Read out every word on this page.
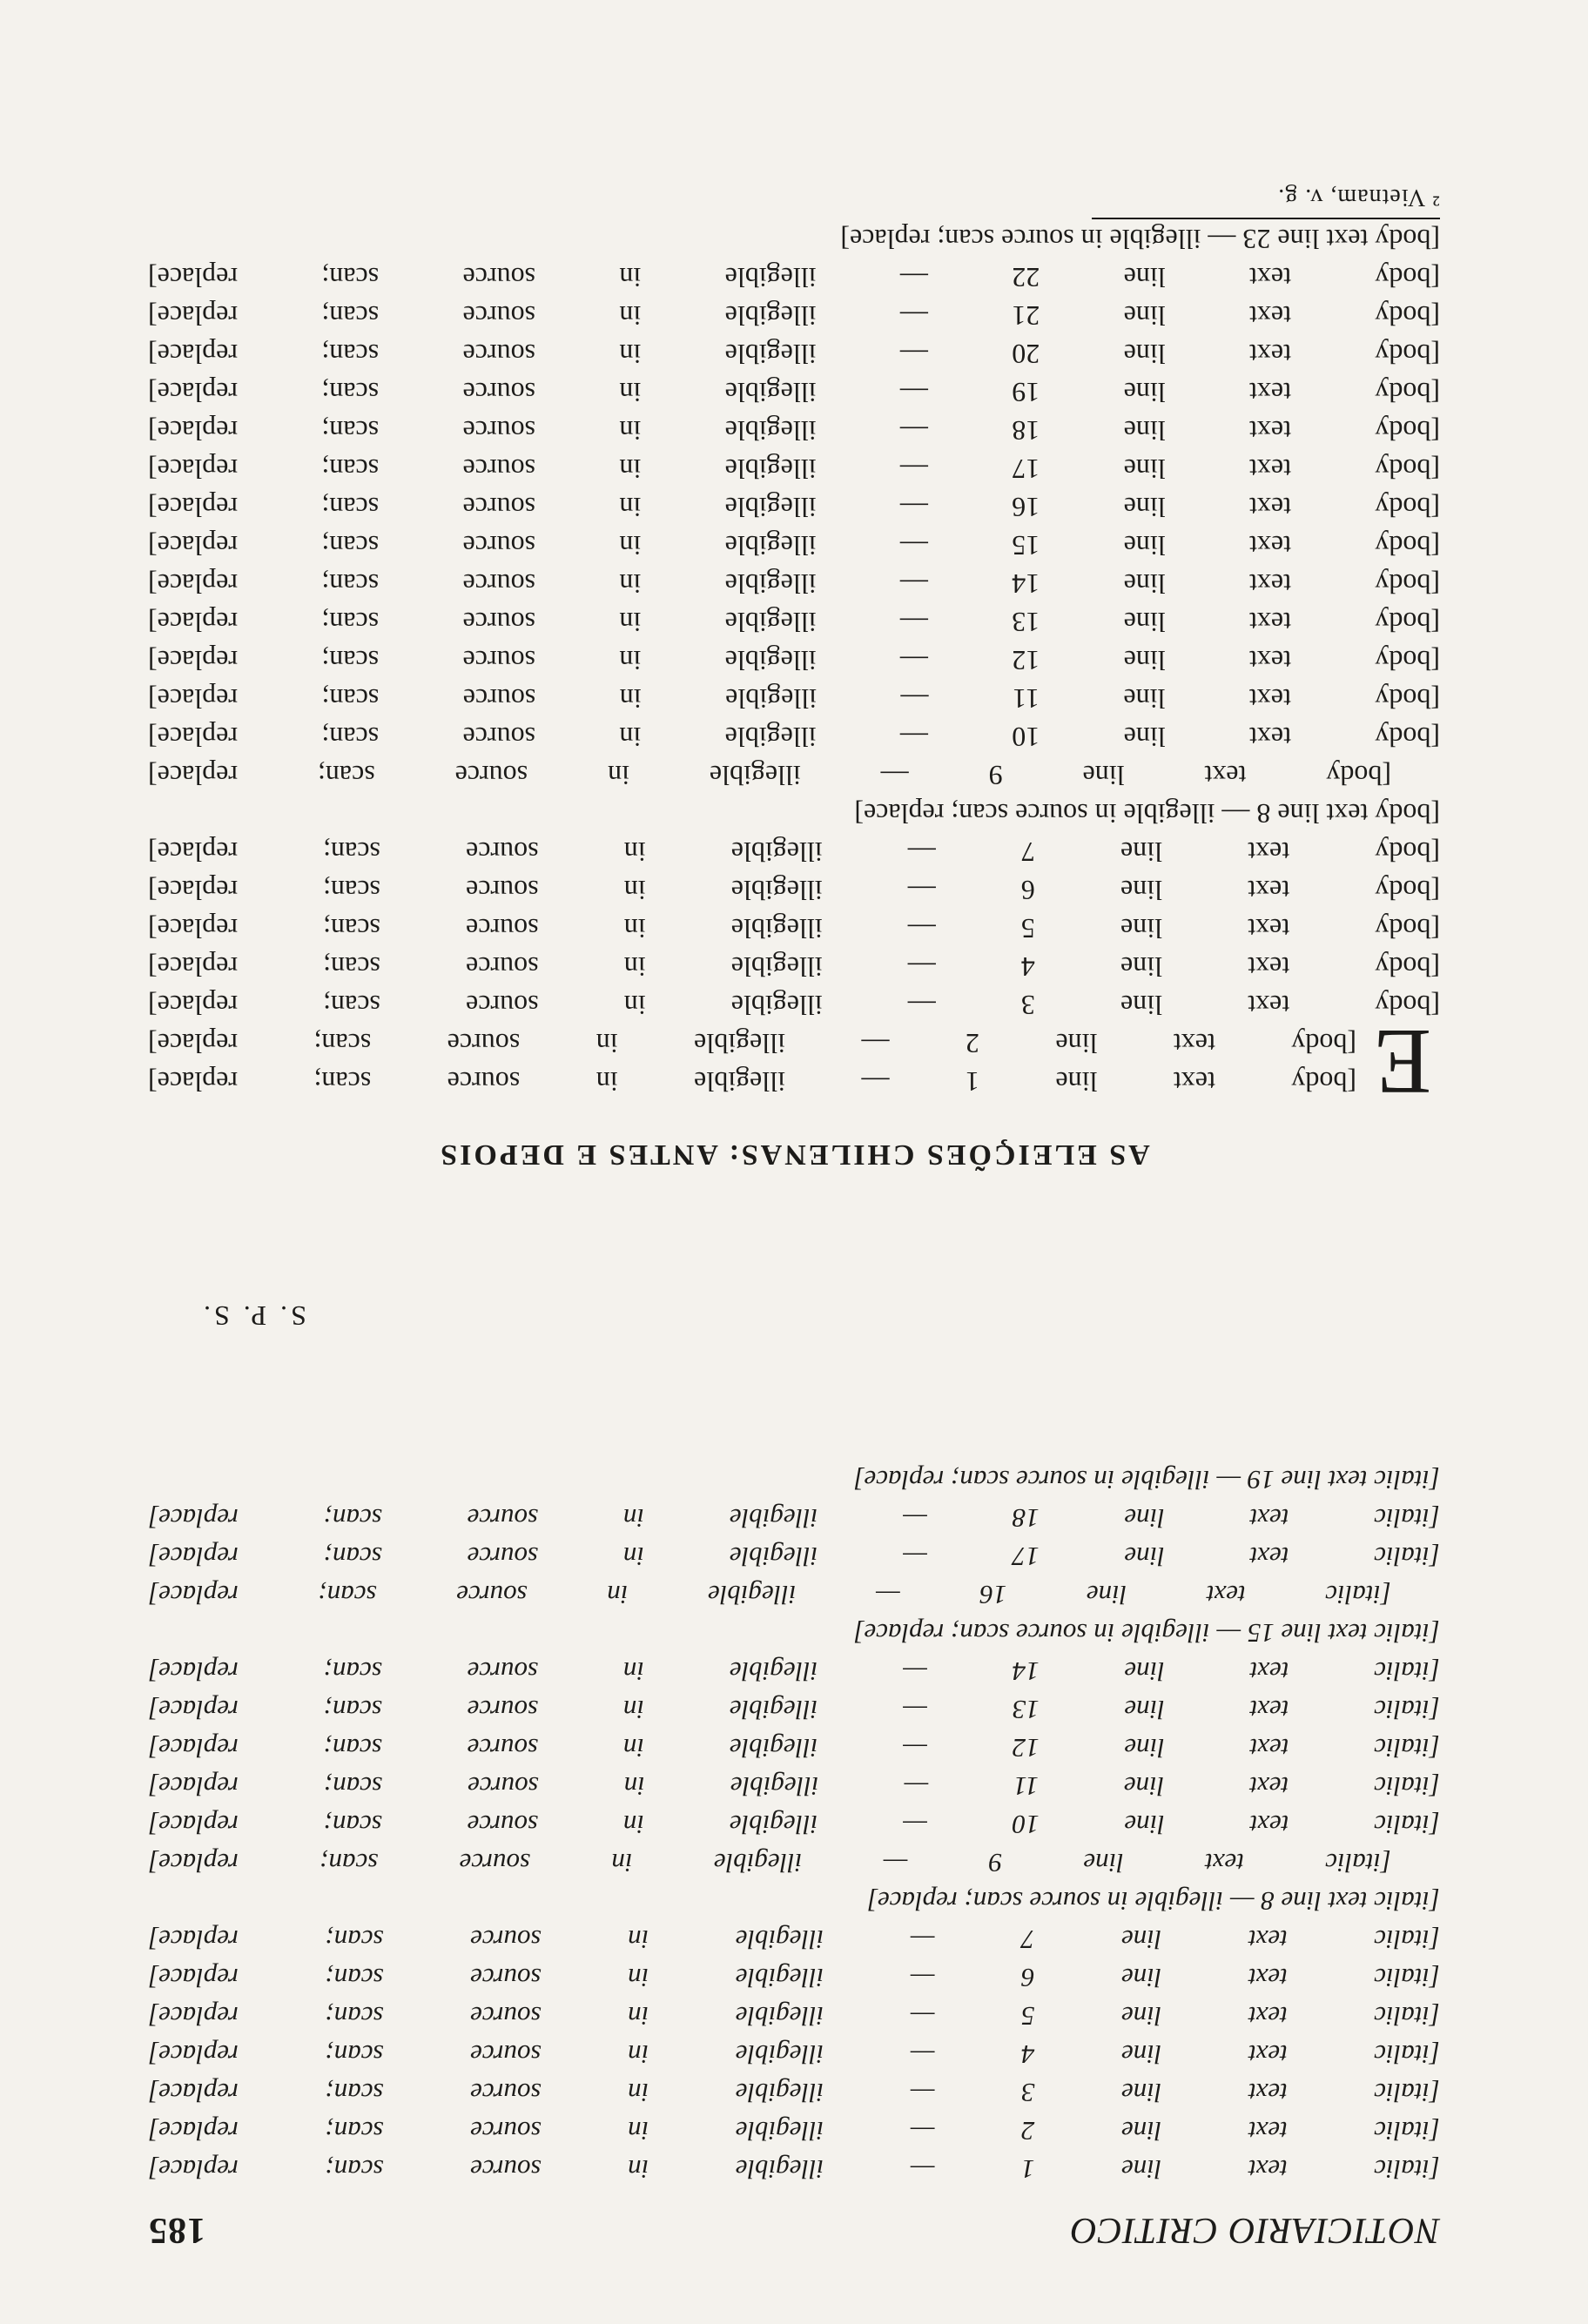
NOTICIARIO CRITICO
185
[italic text line 1 — illegible in source scan; replace]
[italic text line 2 — illegible in source scan; replace]
[italic text line 3 — illegible in source scan; replace]
[italic text line 4 — illegible in source scan; replace]
[italic text line 5 — illegible in source scan; replace]
[italic text line 6 — illegible in source scan; replace]
[italic text line 7 — illegible in source scan; replace]
[italic text line 8 — illegible in source scan; replace]
[italic text line 9 — illegible in source scan; replace]
[italic text line 10 — illegible in source scan; replace]
[italic text line 11 — illegible in source scan; replace]
[italic text line 12 — illegible in source scan; replace]
[italic text line 13 — illegible in source scan; replace]
[italic text line 14 — illegible in source scan; replace]
[italic text line 15 — illegible in source scan; replace]
[italic text line 16 — illegible in source scan; replace]
[italic text line 17 — illegible in source scan; replace]
[italic text line 18 — illegible in source scan; replace]
[italic text line 19 — illegible in source scan; replace]
S. P. S.
AS ELEIÇÕES CHILENAS: ANTES E DEPOIS
E
[body text line 1 — illegible in source scan; replace]
[body text line 2 — illegible in source scan; replace]
[body text line 3 — illegible in source scan; replace]
[body text line 4 — illegible in source scan; replace]
[body text line 5 — illegible in source scan; replace]
[body text line 6 — illegible in source scan; replace]
[body text line 7 — illegible in source scan; replace]
[body text line 8 — illegible in source scan; replace]
[body text line 9 — illegible in source scan; replace]
[body text line 10 — illegible in source scan; replace]
[body text line 11 — illegible in source scan; replace]
[body text line 12 — illegible in source scan; replace]
[body text line 13 — illegible in source scan; replace]
[body text line 14 — illegible in source scan; replace]
[body text line 15 — illegible in source scan; replace]
[body text line 16 — illegible in source scan; replace]
[body text line 17 — illegible in source scan; replace]
[body text line 18 — illegible in source scan; replace]
[body text line 19 — illegible in source scan; replace]
[body text line 20 — illegible in source scan; replace]
[body text line 21 — illegible in source scan; replace]
[body text line 22 — illegible in source scan; replace]
[body text line 23 — illegible in source scan; replace]
² Vietnam, v. g.
